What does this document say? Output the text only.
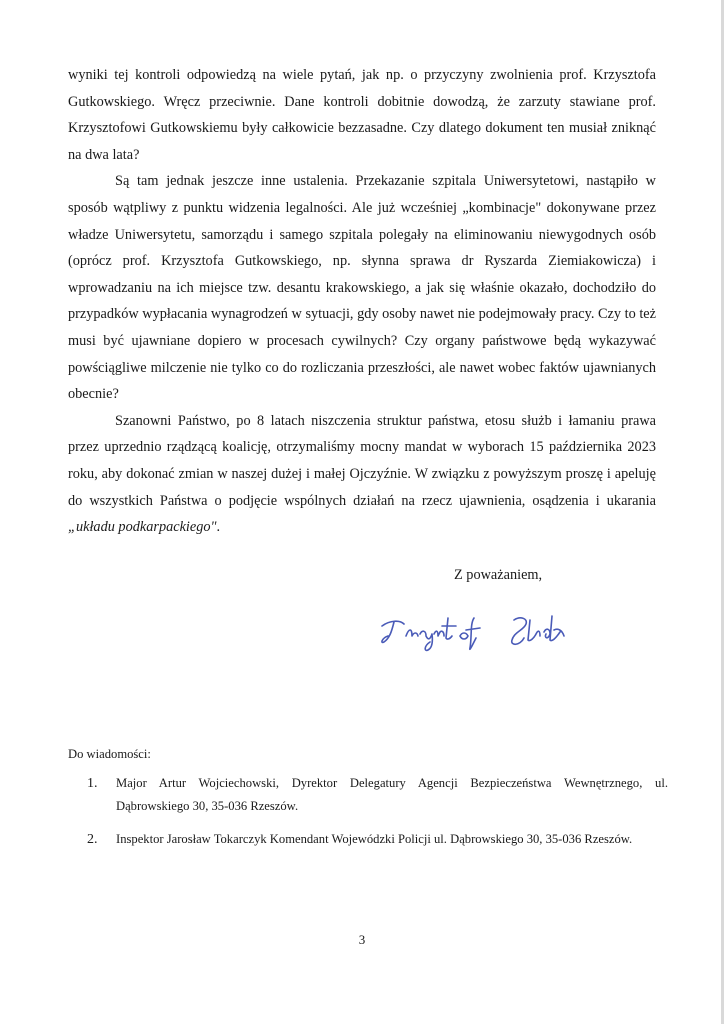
wyniki tej kontroli odpowiedzą na wiele pytań, jak np. o przyczyny zwolnienia prof. Krzysztofa Gutkowskiego. Wręcz przeciwnie. Dane kontroli dobitnie dowodzą, że zarzuty stawiane prof. Krzysztofowi Gutkowskiemu były całkowicie bezzasadne. Czy dlatego dokument ten musiał zniknąć na dwa lata?

Są tam jednak jeszcze inne ustalenia. Przekazanie szpitala Uniwersytetowi, nastąpiło w sposób wątpliwy z punktu widzenia legalności. Ale już wcześniej „kombinacje" dokonywane przez władze Uniwersytetu, samorządu i samego szpitala polegały na eliminowaniu niewygodnych osób (oprócz prof. Krzysztofa Gutkowskiego, np. słynna sprawa dr Ryszarda Ziemiakowicza) i wprowadzaniu na ich miejsce tzw. desantu krakowskiego, a jak się właśnie okazało, dochodziło do przypadków wypłacania wynagrodzeń w sytuacji, gdy osoby nawet nie podejmowały pracy. Czy to też musi być ujawniane dopiero w procesach cywilnych? Czy organy państwowe będą wykazywać powściągliwe milczenie nie tylko co do rozliczania przeszłości, ale nawet wobec faktów ujawnianych obecnie?

Szanowni Państwo, po 8 latach niszczenia struktur państwa, etosu służb i łamaniu prawa przez uprzednio rządzącą koalicję, otrzymaliśmy mocny mandat w wyborach 15 października 2023 roku, aby dokonać zmian w naszej dużej i małej Ojczyźnie. W związku z powyższym proszę i apeluję do wszystkich Państwa o podjęcie wspólnych działań na rzecz ujawnienia, osądzenia i ukarania „układu podkarpackiego".

Z poważaniem,

Do wiadomości:

1. Major Artur Wojciechowski, Dyrektor Delegatury Agencji Bezpieczeństwa Wewnętrznego, ul. Dąbrowskiego 30, 35-036 Rzeszów.
2. Inspektor Jarosław Tokarczyk Komendant Wojewódzki Policji ul. Dąbrowskiego 30, 35-036 Rzeszów.
3
